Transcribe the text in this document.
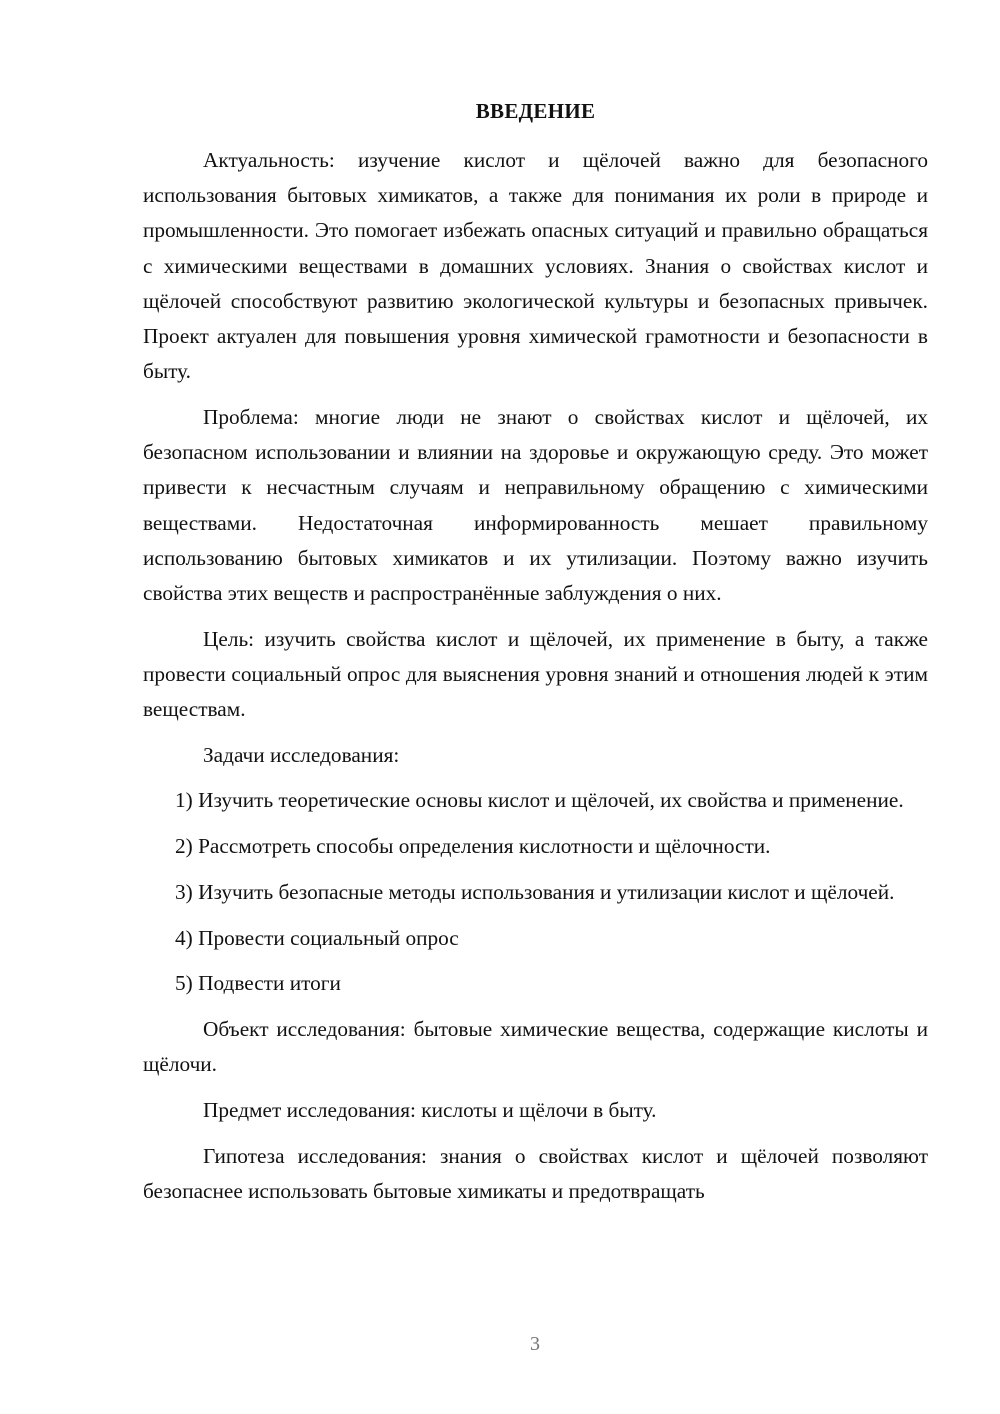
ВВЕДЕНИЕ

Актуальность: изучение кислот и щёлочей важно для безопасного использования бытовых химикатов, а также для понимания их роли в природе и промышленности. Это помогает избежать опасных ситуаций и правильно обращаться с химическими веществами в домашних условиях. Знания о свойствах кислот и щёлочей способствуют развитию экологической культуры и безопасных привычек. Проект актуален для повышения уровня химической грамотности и безопасности в быту.

Проблема: многие люди не знают о свойствах кислот и щёлочей, их безопасном использовании и влиянии на здоровье и окружающую среду. Это может привести к несчастным случаям и неправильному обращению с химическими веществами. Недостаточная информированность мешает правильному использованию бытовых химикатов и их утилизации. Поэтому важно изучить свойства этих веществ и распространённые заблуждения о них.

Цель: изучить свойства кислот и щёлочей, их применение в быту, а также провести социальный опрос для выяснения уровня знаний и отношения людей к этим веществам.

Задачи исследования:

1) Изучить теоретические основы кислот и щёлочей, их свойства и применение.

2) Рассмотреть способы определения кислотности и щёлочности.

3) Изучить безопасные методы использования и утилизации кислот и щёлочей.

4) Провести социальный опрос

5) Подвести итоги

Объект исследования: бытовые химические вещества, содержащие кислоты и щёлочи.

Предмет исследования: кислоты и щёлочи в быту.

Гипотеза исследования: знания о свойствах кислот и щёлочей позволяют безопаснее использовать бытовые химикаты и предотвращать

3
